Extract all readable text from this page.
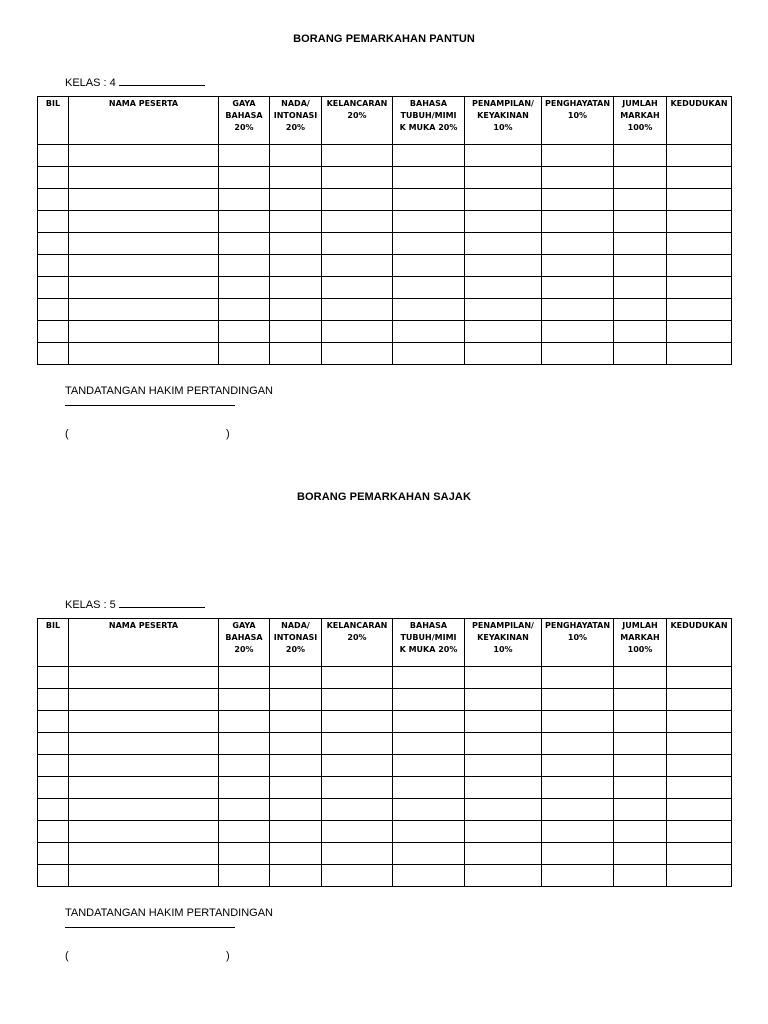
BORANG PEMARKAHAN PANTUN
KELAS : 4
BIL	NAMA PESERTA	GAYA
BAHASA
20%	NADA/
INTONASI
20%	KELANCARAN
20%	BAHASA
TUBUH/MIMI
K MUKA 20%	PENAMPILAN/
KEYAKINAN
10%	PENGHAYATAN
10%	JUMLAH
MARKAH
100%	KEDUDUKAN

TANDATANGAN HAKIM PERTANDINGAN
(	)
BORANG PEMARKAHAN SAJAK
KELAS : 5
BIL	NAMA PESERTA	GAYA
BAHASA
20%	NADA/
INTONASI
20%	KELANCARAN
20%	BAHASA
TUBUH/MIMI
K MUKA 20%	PENAMPILAN/
KEYAKINAN
10%	PENGHAYATAN
10%	JUMLAH
MARKAH
100%	KEDUDUKAN

TANDATANGAN HAKIM PERTANDINGAN
(	)
